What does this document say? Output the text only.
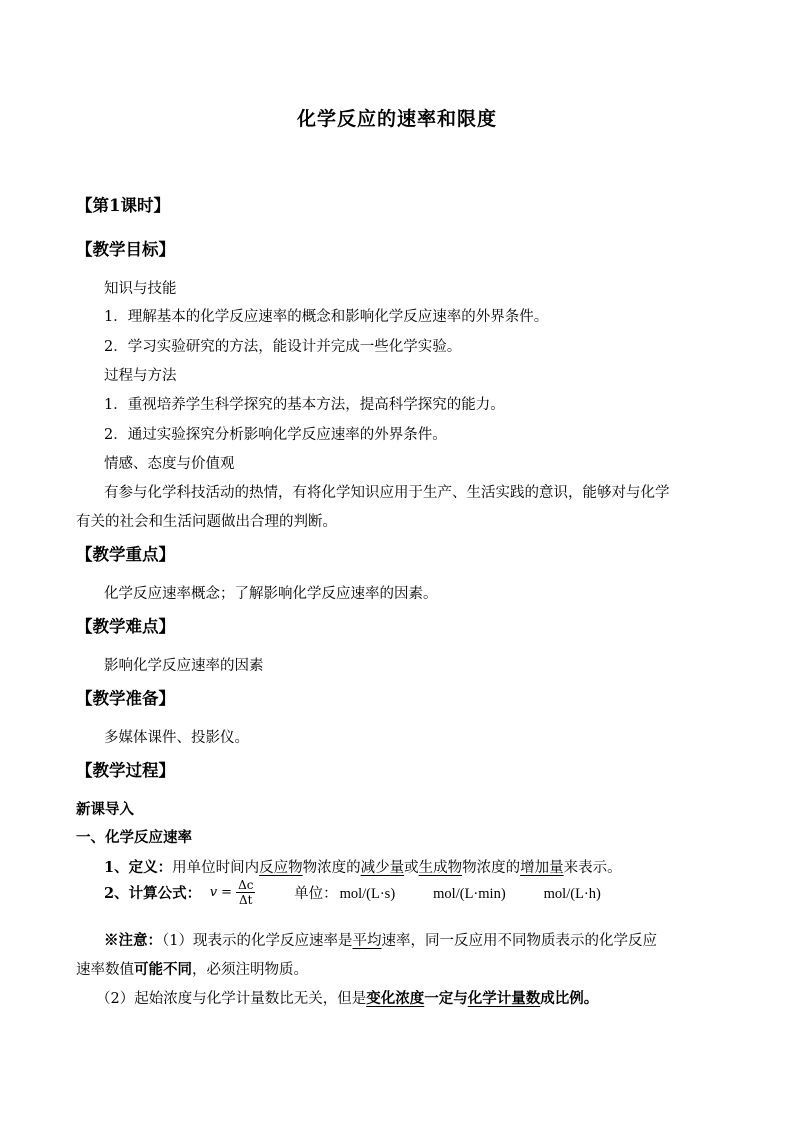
化学反应的速率和限度
【第1课时】
【教学目标】
知识与技能
1．理解基本的化学反应速率的概念和影响化学反应速率的外界条件。
2．学习实验研究的方法，能设计并完成一些化学实验。
过程与方法
1．重视培养学生科学探究的基本方法，提高科学探究的能力。
2．通过实验探究分析影响化学反应速率的外界条件。
情感、态度与价值观
有参与化学科技活动的热情，有将化学知识应用于生产、生活实践的意识，能够对与化学
有关的社会和生活问题做出合理的判断。
【教学重点】
化学反应速率概念；了解影响化学反应速率的因素。
【教学难点】
影响化学反应速率的因素
【教学准备】
多媒体课件、投影仪。
【教学过程】
新课导入
一、化学反应速率
1、定义：用单位时间内反应物物浓度的减少量或生成物物浓度的增加量来表示。
2、计算公式： $v = \frac{\Delta c}{\Delta t}$	单位： mol/(L·s)	mol/(L·min)	mol/(L·h)
※注意：（1）现表示的化学反应速率是平均速率，同一反应用不同物质表示的化学反应
速率数值可能不同，必须注明物质。
（2）起始浓度与化学计量数比无关，但是变化浓度一定与化学计量数成比例。
